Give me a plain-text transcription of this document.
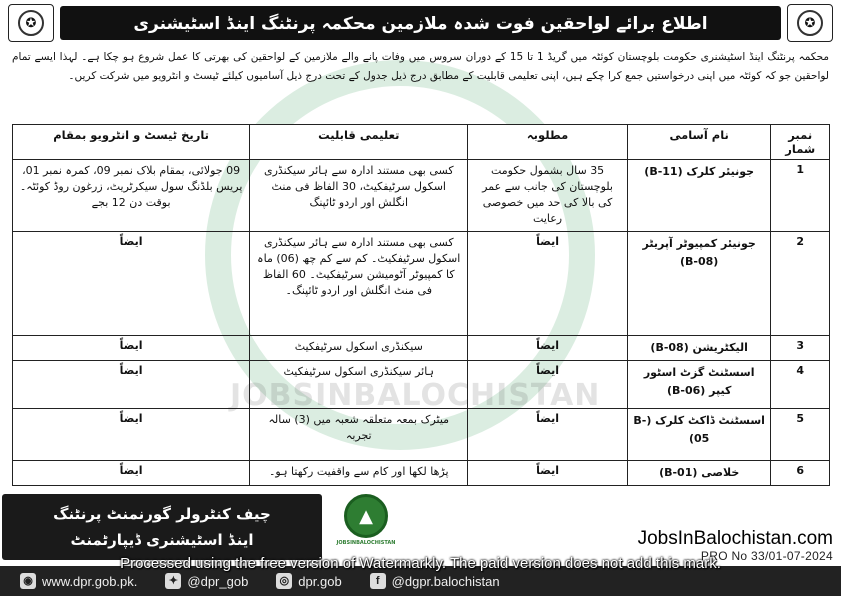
JOBSINBALOCHISTAN
✪	اطلاع برائے لواحقین فوت شدہ ملازمین محکمہ پرنٹنگ اینڈ اسٹیشنری	✪

محکمہ پرنٹنگ اینڈ اسٹیشنری حکومت بلوچستان کوئٹہ میں گریڈ 1 تا 15 کے دوران سروس میں وفات پانے والے ملازمین کے لواحقین کی بھرتی کا عمل شروع ہو چکا ہے۔ لہذا ایسے تمام لواحقین جو کہ کوئٹہ میں اپنی درخواستیں جمع کرا چکے ہیں، اپنی تعلیمی قابلیت کے مطابق درج ذیل جدول کے تحت درج ذیل آسامیوں کیلئے ٹیسٹ و انٹرویو میں شرکت کریں۔

تاریخ ٹیسٹ و انٹرویو بمقام	تعلیمی قابلیت	مطلوبہ	نام آسامی	نمبر شمار
09 جولائی، بمقام بلاک نمبر 09، کمرہ نمبر 01، پریس بلڈنگ سول سیکرٹریٹ، زرغون روڈ کوئٹہ۔ بوقت دن 12 بجے	کسی بھی مستند ادارہ سے ہائر سیکنڈری اسکول سرٹیفکیٹ، 30 الفاظ فی منٹ انگلش اور اردو ٹائپنگ	35 سال بشمول حکومت بلوچستان کی جانب سے عمر کی بالا کی حد میں خصوصی رعایت	جونیئر کلرک (B-11)	1
ایضاً	کسی بھی مستند ادارہ سے ہائر سیکنڈری اسکول سرٹیفکیٹ۔ کم سے کم چھ (06) ماہ کا کمپیوٹر آٹومیشن سرٹیفکیٹ۔ 60 الفاظ فی منٹ انگلش اور اردو ٹائپنگ۔	ایضاً	جونیئر کمپیوٹر آپریٹر (B-08)	2
ایضاً	سیکنڈری اسکول سرٹیفکیٹ	ایضاً	الیکٹریشن (B-08)	3
ایضاً	ہائر سیکنڈری اسکول سرٹیفکیٹ	ایضاً	اسسٹنٹ گزٹ اسٹور کیپر (B-06)	4
ایضاً	میٹرک بمعہ متعلقہ شعبہ میں (3) سالہ تجربہ	ایضاً	اسسٹنٹ ڈاکٹ کلرک (B-05)	5
ایضاً	پڑھا لکھا اور کام سے واقفیت رکھتا ہو۔	ایضاً	خلاصی (B-01)	6
چیف کنٹرولر گورنمنٹ پرنٹنگ
اینڈ اسٹیشنری ڈیپارٹمنٹ
▲
JOBSINBALOCHISTAN	JobsInBalochistan.com
PRO No 33/01-07-2024
◉ www.dpr.gob.pk.	✦ @dpr_gob	◎ dpr.gob	f @dgpr.balochistan
Processed using the free version of Watermarkly. The paid version does not add this mark.
